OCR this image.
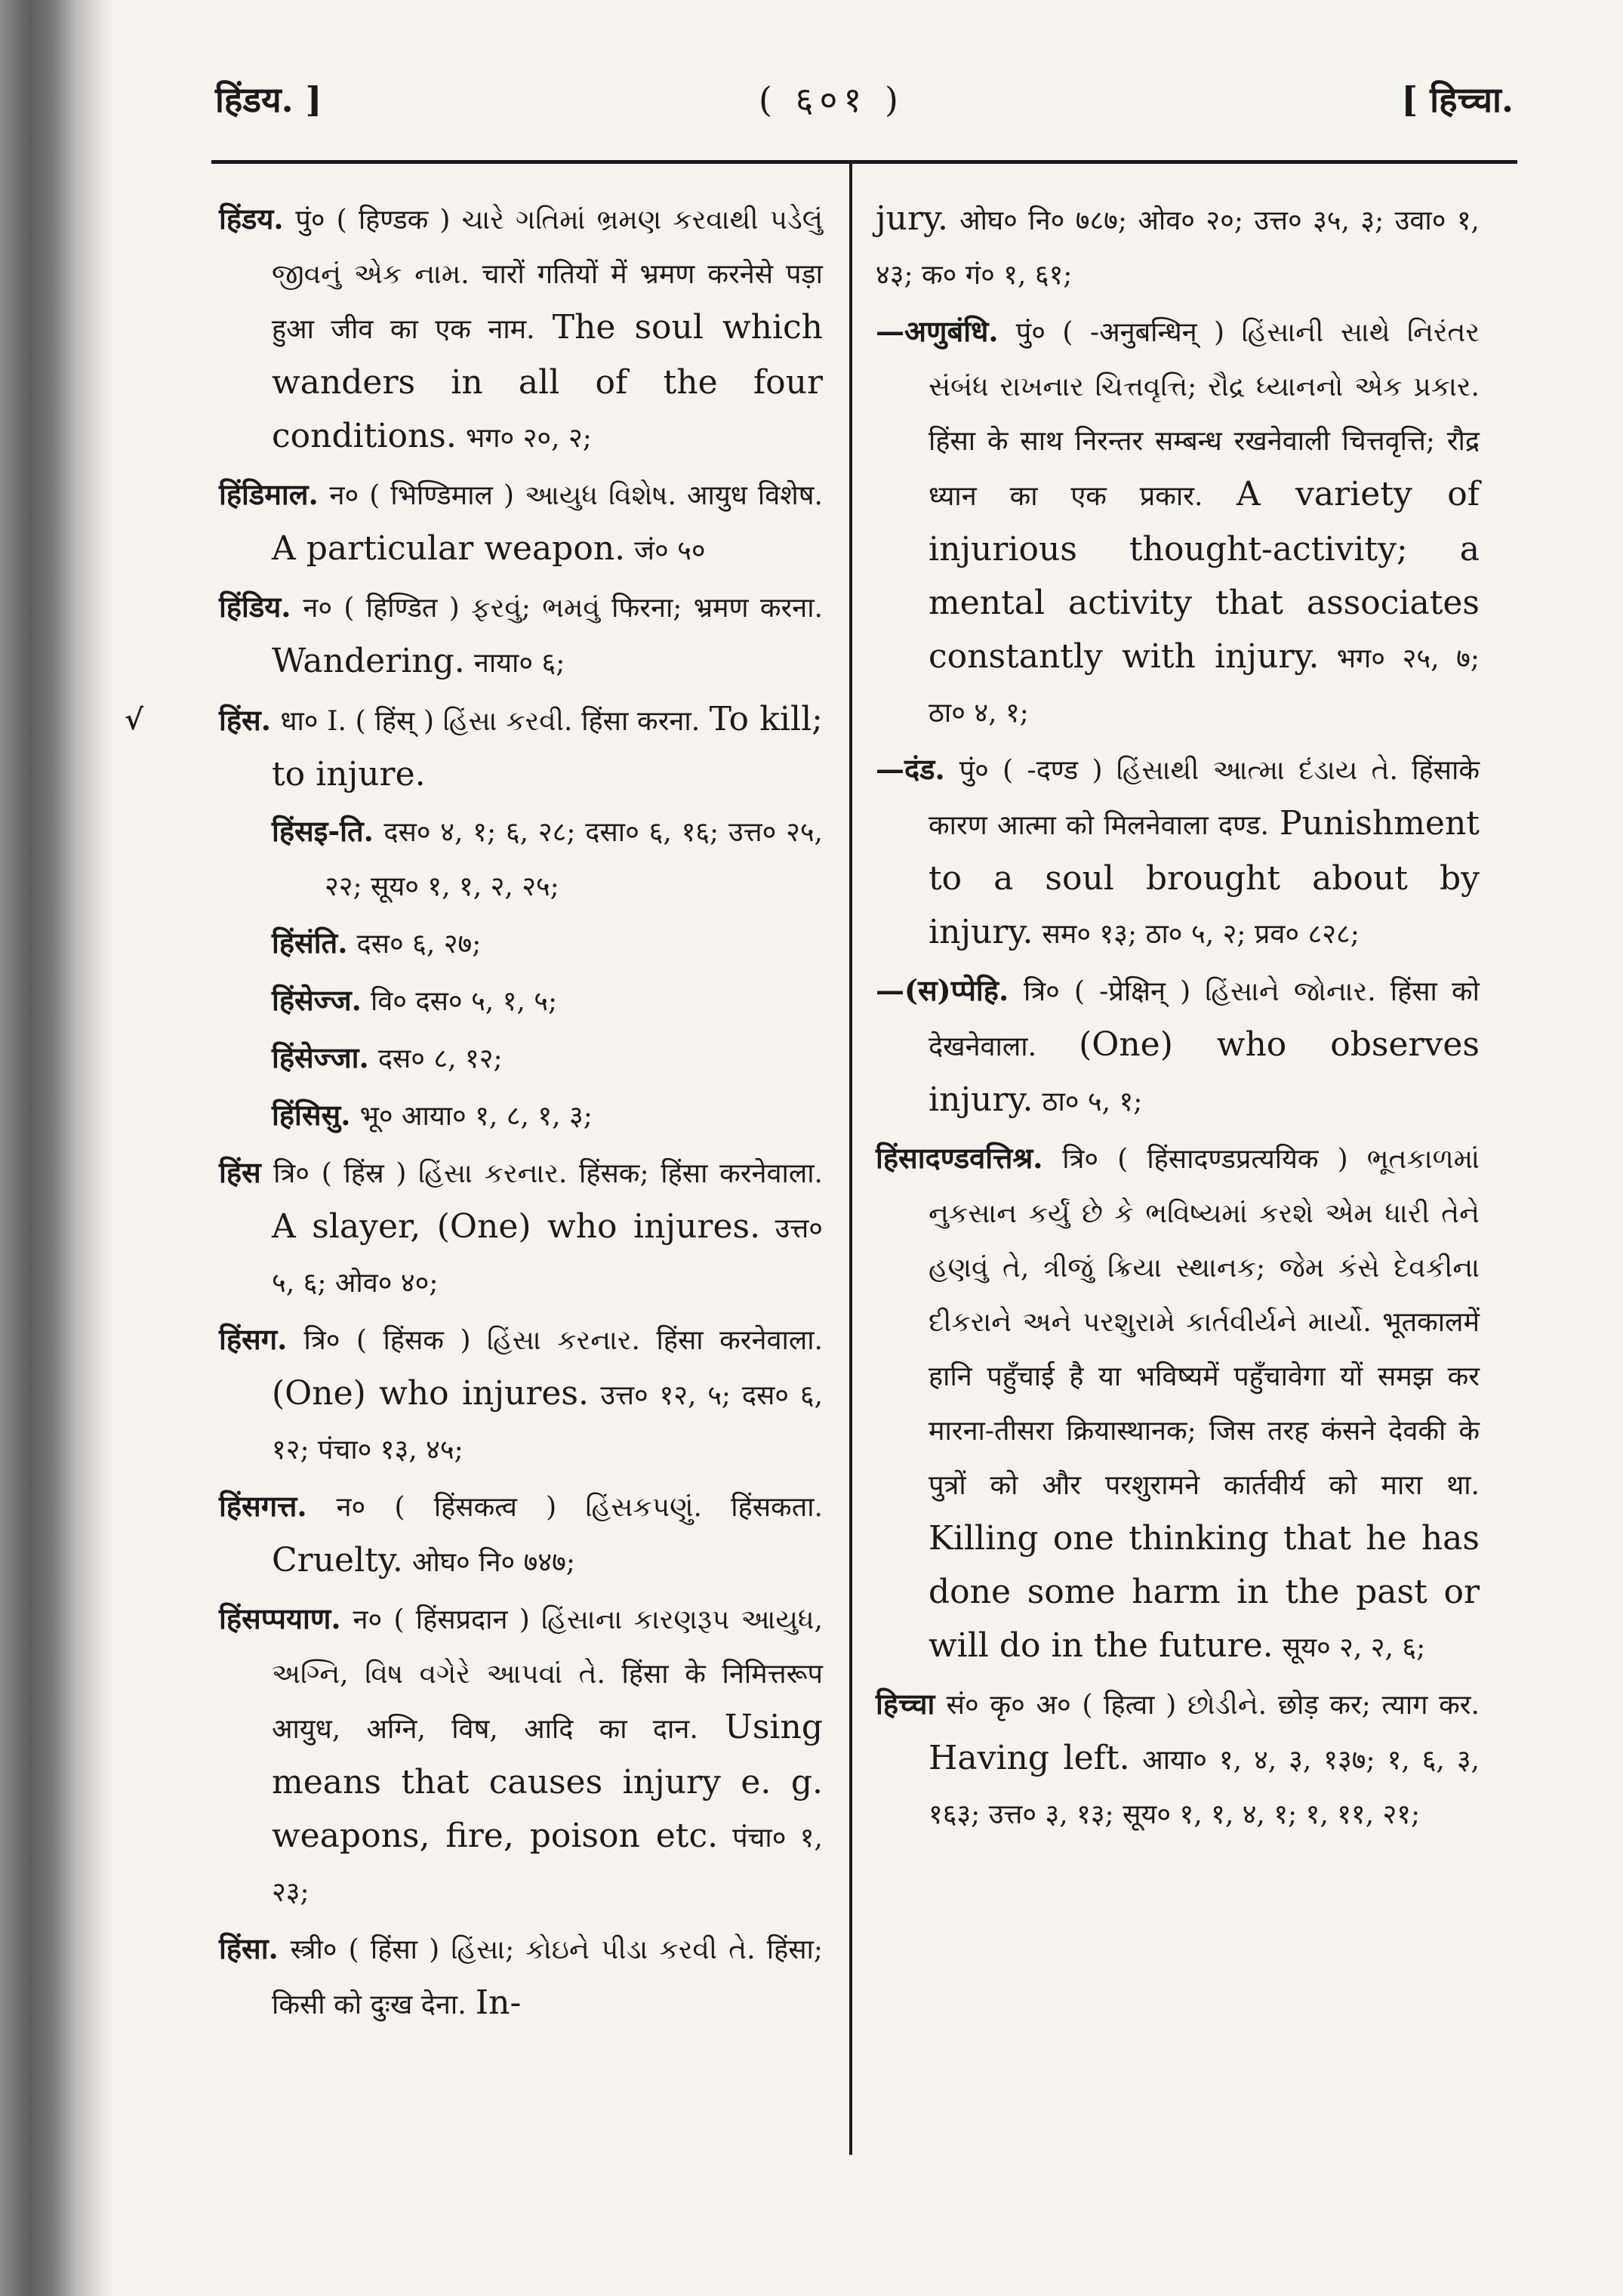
हिंडय. ]	( ६०१ )	[ हिच्चा.

हिंडय. पुं० ( हिण्डक ) ચારે ગતિમાં ભ્રમણ કરવાથી પડેલું જીવનું એક નામ. चारों गतियों में भ्रमण करनेसे पड़ा हुआ जीव का एक नाम. The soul which wanders in all of the four conditions. भग० २०, २;

हिंडिमाल. न० ( भिण्डिमाल ) આયુધ વિશેષ. आयुध विशेष. A particular weapon. जं० ५०

हिंडिय. न० ( हिण्डित ) ફરવું; ભમવું फिरना; भ्रमण करना. Wandering. नाया० ६;

√	हिंस. धा० I. ( हिंस् ) હિંસા કરવી. हिंसा करना. To kill; to injure.

हिंसइ-ति. दस० ४, १; ६, २८; दसा० ६, १६; उत्त० २५, २२; सूय० १, १, २, २५;

हिंसंति. दस० ६, २७;

हिंसेज्ज. वि० दस० ५, १, ५;

हिंसेज्जा. दस० ८, १२;

हिंसिसु. भू० आया० १, ८, १, ३;

हिंस त्रि० ( हिंस्र ) હિંસા કરનાર. हिंसक; हिंसा करनेवाला. A slayer, (One) who injures. उत्त० ५, ६; ओव० ४०;

हिंसग. त्रि० ( हिंसक ) હિંસા કરનાર. हिंसा करनेवाला. (One) who injures. उत्त० १२, ५; दस० ६, १२; पंचा० १३, ४५;

हिंसगत्त. न० ( हिंसकत्व ) હિંસકપણું. हिंसकता. Cruelty. ओघ० नि० ७४७;

हिंसप्पयाण. न० ( हिंसप्रदान ) હિંસાના કારણરૂપ આયુધ, અગ્નિ, વિષ વગેરે આપવાં તે. हिंसा के निमित्तरूप आयुध, अग्नि, विष, आदि का दान. Using means that causes injury e. g. weapons, fire, poison etc. पंचा० १, २३;

हिंसा. स्त्री० ( हिंसा ) હિંસા; કોઇને પીડા કરવી તે. हिंसा; किसी को दुःख देना. In-

jury. ओघ० नि० ७८७; ओव० २०; उत्त० ३५, ३; उवा० १, ४३; क० गं० १, ६१;

—अणुबंधि. पुं० ( -अनुबन्धिन् ) હિંસાની સાથે નિરંતર સંબંધ રાખનાર ચિત્તવૃત્તિ; રૌદ્ર ધ્યાનનો એક પ્રકાર. हिंसा के साथ निरन्तर सम्बन्ध रखनेवाली चित्तवृत्ति; रौद्र ध्यान का एक प्रकार. A variety of injurious thought-activity; a mental activity that associates constantly with injury. भग० २५, ७; ठा० ४, १;

—दंड. पुं० ( -दण्ड ) હિંસાથી આત્મા દંડાય તે. हिंसाके कारण आत्मा को मिलनेवाला दण्ड. Punishment to a soul brought about by injury. सम० १३; ठा० ५, २; प्रव० ८२८;

—(स)प्पेहि. त्रि० ( -प्रेक्षिन् ) હિંસાને જોનાર. हिंसा को देखनेवाला. (One) who observes injury. ठा० ५, १;

हिंसादण्डवत्तिश्र. त्रि० ( हिंसादण्डप्रत्ययिक ) ભૂતકાળમાં નુકસાન કર્યું છે કે ભવિષ્યમાં કરશે એમ ધારી તેને હણવું તે, ત્રીજું ક્રિયા સ્થાનક; જેમ કંસે દેવકીના દીકરાને અને પરશુરામે કાર્તવીર્યને માર્યો. भूतकालमें हानि पहुँचाई है या भविष्यमें पहुँचावेगा यों समझ कर मारना-तीसरा क्रियास्थानक; जिस तरह कंसने देवकी के पुत्रों को और परशुरामने कार्तवीर्य को मारा था. Killing one thinking that he has done some harm in the past or will do in the future. सूय० २, २, ६;

हिच्चा सं० कृ० अ० ( हित्वा ) છોડીને. छोड़ कर; त्याग कर. Having left. आया० १, ४, ३, १३७; १, ६, ३, १६३; उत्त० ३, १३; सूय० १, १, ४, १; १, ११, २१;
